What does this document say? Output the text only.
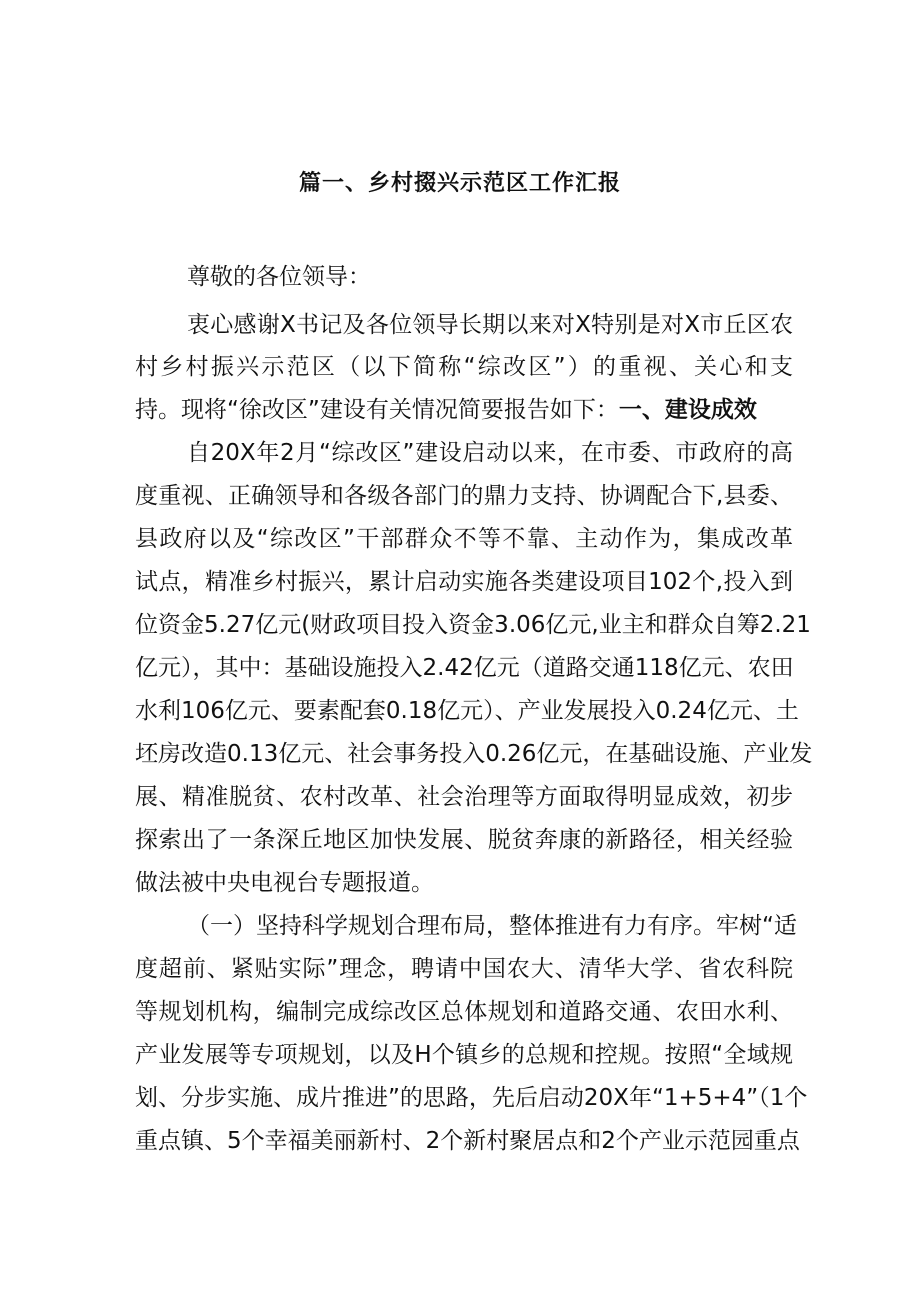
篇一、乡村掇兴示范区工作汇报
尊敬的各位领导：
衷心感谢X书记及各位领导长期以来对X特别是对X市丘区农
村乡村振兴示范区（以下简称“综改区”）的重视、关心和支
持。现将“徐改区”建设有关情况简要报告如下：一、建设成效
自20X年2月“综改区”建设启动以来，在市委、市政府的高
度重视、正确领导和各级各部门的鼎力支持、协调配合下,县委、
县政府以及“综改区”干部群众不等不靠、主动作为，集成改革
试点，精准乡村振兴，累计启动实施各类建设项目102个,投入到
位资金5.27亿元(财政项目投入资金3.06亿元,业主和群众自筹2.21
亿元），其中：基础设施投入2.42亿元（道路交通118亿元、农田
水利106亿元、要素配套0.18亿元）、产业发展投入0.24亿元、土
坯房改造0.13亿元、社会事务投入0.26亿元，在基础设施、产业发
展、精准脱贫、农村改革、社会治理等方面取得明显成效，初步
探索出了一条深丘地区加快发展、脱贫奔康的新路径，相关经验
做法被中央电视台专题报道。
（一）坚持科学规划合理布局，整体推进有力有序。牢树“适
度超前、紧贴实际”理念，聘请中国农大、清华大学、省农科院
等规划机构，编制完成综改区总体规划和道路交通、农田水利、
产业发展等专项规划，以及H个镇乡的总规和控规。按照“全域规
划、分步实施、成片推进”的思路，先后启动20X年“1+5+4”（1个
重点镇、5个幸福美丽新村、2个新村聚居点和2个产业示范园重点
